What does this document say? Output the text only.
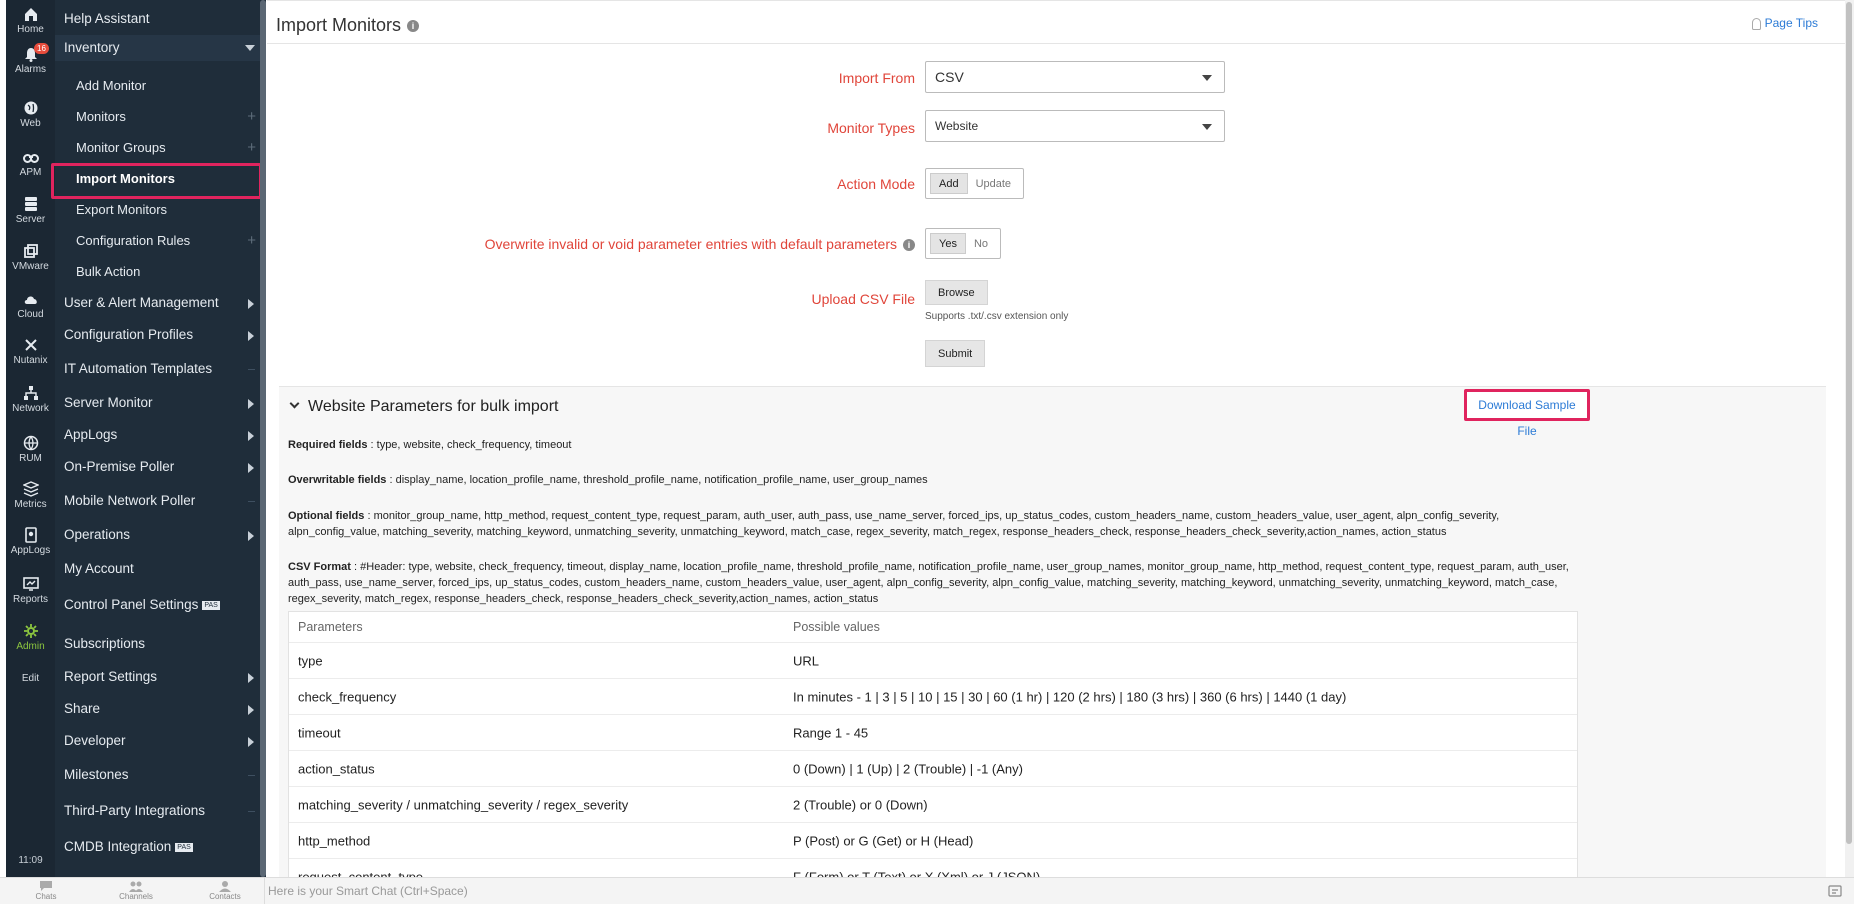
Home
16
Alarms
Web
APM
Server
VMware
Cloud
Nutanix
Network
RUM
Metrics
AppLogs
Reports
Admin
Edit
11:09
Help Assistant
Inventory
Add Monitor
Monitors	+
Monitor Groups	+
Import Monitors
Export Monitors
Configuration Rules	+
Bulk Action
User & Alert Management
Configuration Profiles
IT Automation Templates
Server Monitor
AppLogs
On-Premise Poller
Mobile Network Poller
Operations
My Account
Control Panel Settings PAS
Subscriptions
Report Settings
Share
Developer
Milestones
Third-Party Integrations
CMDB Integration PAS
Import Monitors i	Page Tips
Import From	CSV
Monitor Types	Website
Action Mode	Add Update
Overwrite invalid or void parameter entries with default parameters i	Yes No
Upload CSV File	Browse
Supports .txt/.csv extension only
Submit
Website Parameters for bulk import	Download Sample File
Required fields : type, website, check_frequency, timeout
Overwritable fields : display_name, location_profile_name, threshold_profile_name, notification_profile_name, user_group_names
Optional fields : monitor_group_name, http_method, request_content_type, request_param, auth_user, auth_pass, use_name_server, forced_ips, up_status_codes, custom_headers_name, custom_headers_value, user_agent, alpn_config_severity, alpn_config_value, matching_severity, matching_keyword, unmatching_severity, unmatching_keyword, match_case, regex_severity, match_regex, response_headers_check, response_headers_check_severity,action_names, action_status
CSV Format : #Header: type, website, check_frequency, timeout, display_name, location_profile_name, threshold_profile_name, notification_profile_name, user_group_names, monitor_group_name, http_method, request_content_type, request_param, auth_user, auth_pass, use_name_server, forced_ips, up_status_codes, custom_headers_name, custom_headers_value, user_agent, alpn_config_severity, alpn_config_value, matching_severity, matching_keyword, unmatching_severity, unmatching_keyword, match_case, regex_severity, match_regex, response_headers_check, response_headers_check_severity,action_names, action_status
Parameters	Possible values
type	URL
check_frequency	In minutes - 1 | 3 | 5 | 10 | 15 | 30 | 60 (1 hr) | 120 (2 hrs) | 180 (3 hrs) | 360 (6 hrs) | 1440 (1 day)
timeout	Range 1 - 45
action_status	0 (Down) | 1 (Up) | 2 (Trouble) | -1 (Any)
matching_severity / unmatching_severity / regex_severity	2 (Trouble) or 0 (Down)
http_method	P (Post) or G (Get) or H (Head)
Chats	Channels	Contacts	Here is your Smart Chat (Ctrl+Space)
